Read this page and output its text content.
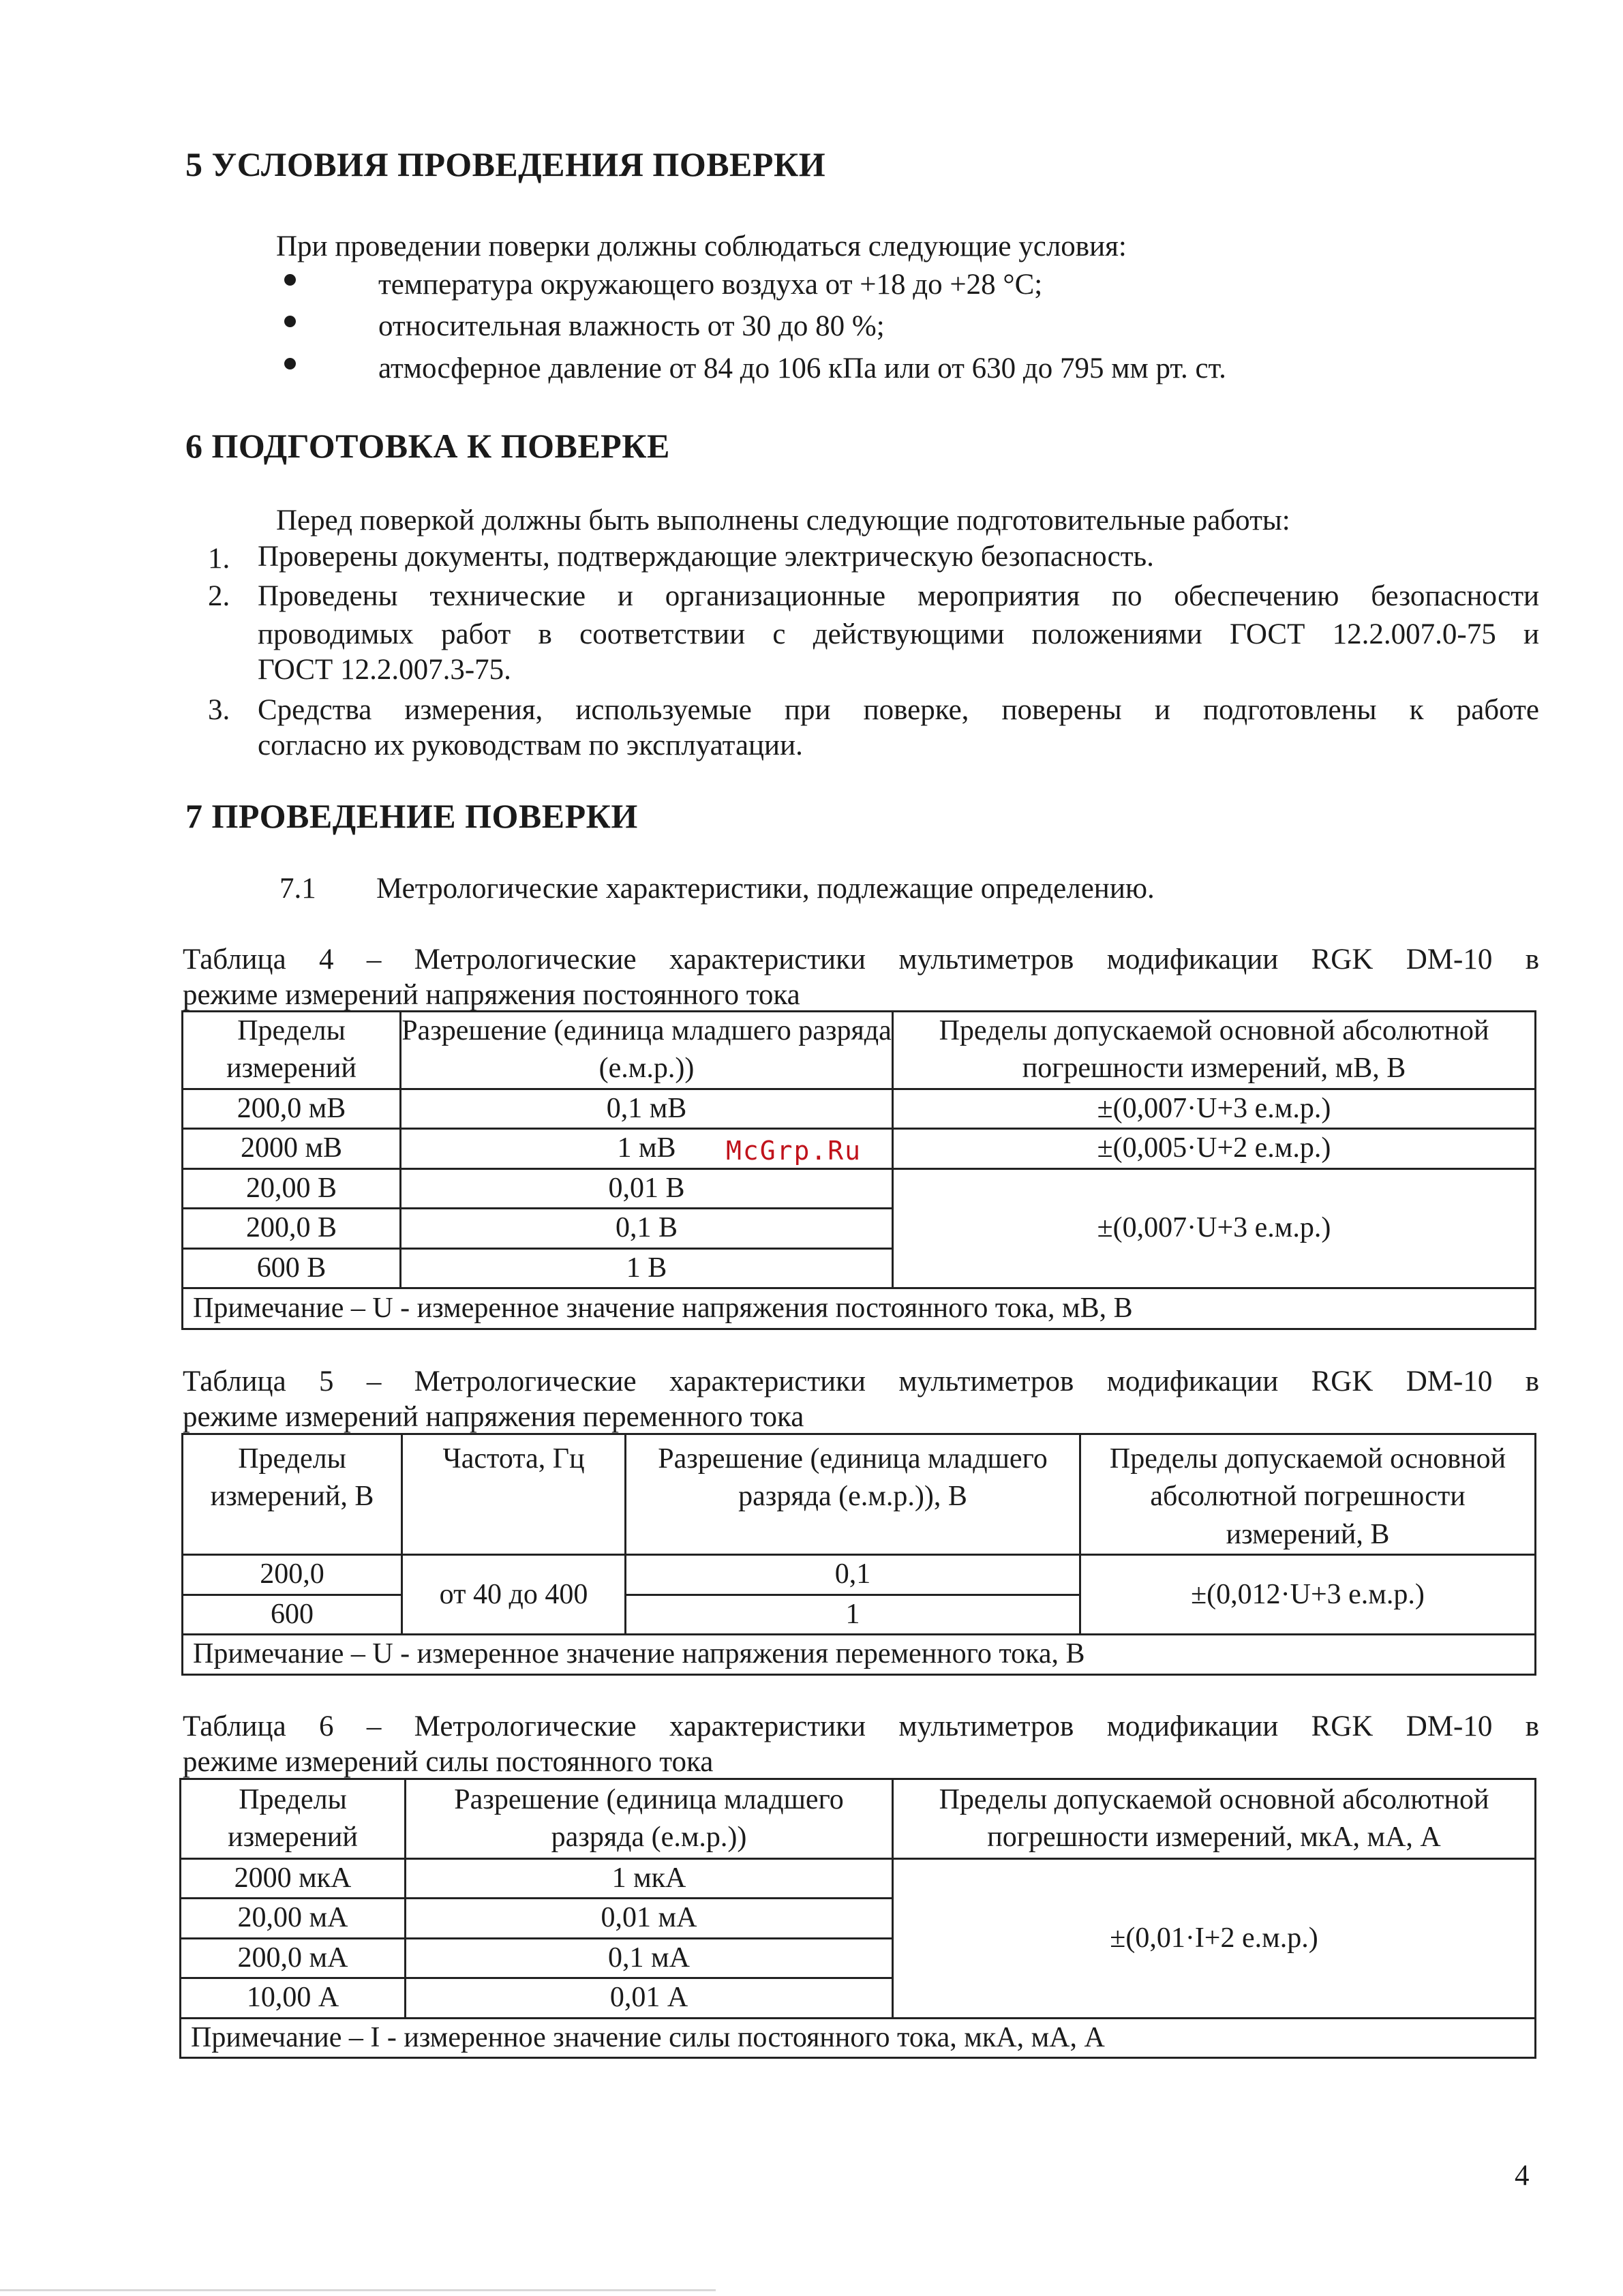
5 УСЛОВИЯ ПРОВЕДЕНИЯ ПОВЕРКИ
При проведении поверки должны соблюдаться следующие условия:
температура окружающего воздуха от +18 до +28 °С;
относительная влажность от 30 до 80 %;
атмосферное давление от 84 до 106 кПа или от 630 до 795 мм рт. ст.
6 ПОДГОТОВКА К ПОВЕРКЕ
Перед поверкой должны быть выполнены следующие подготовительные работы:
1. Проверены документы, подтверждающие электрическую безопасность.
2. Проведены технические и организационные мероприятия по обеспечению безопасности
проводимых работ в соответствии с действующими положениями ГОСТ 12.2.007.0-75 и
ГОСТ 12.2.007.3-75.
3. Средства измерения, используемые при поверке, поверены и подготовлены к работе
согласно их руководствам по эксплуатации.
7 ПРОВЕДЕНИЕ ПОВЕРКИ
7.1 Метрологические характеристики, подлежащие определению.
Таблица 4 – Метрологические характеристики мультиметров модификации RGK DM-10 в
режиме измерений напряжения постоянного тока
Пределы измерений	Разрешение (единица младшего разряда (е.м.р.))	Пределы допускаемой основной абсолютной погрешности измерений, мВ, В
200,0 мВ	0,1 мВ	±(0,007·U+3 е.м.р.)
2000 мВ	1 мВ McGrp.Ru	±(0,005·U+2 е.м.р.)
20,00 В	0,01 В	±(0,007·U+3 е.м.р.)
200,0 В	0,1 В	
600 В	1 В	
Примечание – U - измеренное значение напряжения постоянного тока, мВ, В		
Таблица 5 – Метрологические характеристики мультиметров модификации RGK DM-10 в
режиме измерений напряжения переменного тока
Пределы измерений, В	Частота, Гц	Разрешение (единица младшего разряда (е.м.р.)), В	Пределы допускаемой основной абсолютной погрешности измерений, В
200,0	от 40 до 400	0,1	±(0,012·U+3 е.м.р.)
600		1	
Примечание – U - измеренное значение напряжения переменного тока, В			
Таблица 6 – Метрологические характеристики мультиметров модификации RGK DM-10 в
режиме измерений силы постоянного тока
Пределы измерений	Разрешение (единица младшего разряда (е.м.р.))	Пределы допускаемой основной абсолютной погрешности измерений, мкА, мА, А
2000 мкА	1 мкА	±(0,01·I+2 е.м.р.)
20,00 мА	0,01 мА	
200,0 мА	0,1 мА	
10,00 А	0,01 А	
Примечание – I - измеренное значение силы постоянного тока, мкА, мА, А		
4
